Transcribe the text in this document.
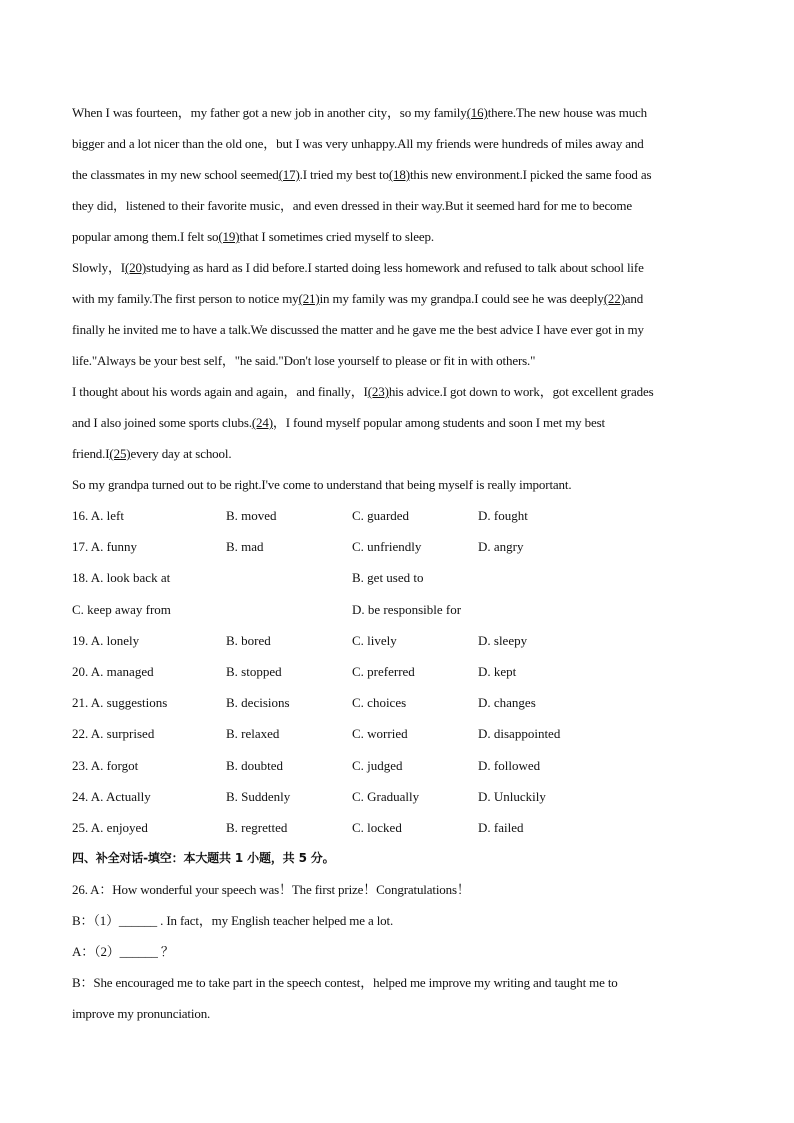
When I was fourteen，my father got a new job in another city，so my family(16)there.The new house was much
bigger and a lot nicer than the old one，but I was very unhappy.All my friends were hundreds of miles away and
the classmates in my new school seemed(17).I tried my best to(18)this new environment.I picked the same food as
they did，listened to their favorite music，and even dressed in their way.But it seemed hard for me to become
popular among them.I felt so(19)that I sometimes cried myself to sleep.
Slowly，I(20)studying as hard as I did before.I started doing less homework and refused to talk about school life
with my family.The first person to notice my(21)in my family was my grandpa.I could see he was deeply(22)and
finally he invited me to have a talk.We discussed the matter and he gave me the best advice I have ever got in my
life."Always be your best self，"he said."Don't lose yourself to please or fit in with others."
I thought about his words again and again，and finally，I(23)his advice.I got down to work，got excellent grades
and I also joined some sports clubs.(24)，I found myself popular among students and soon I met my best
friend.I(25)every day at school.
So my grandpa turned out to be right.I've come to understand that being myself is really important.
16. A. left	B. moved	C. guarded	D. fought
17. A. funny	B. mad	C. unfriendly	D. angry
18. A. look back at	B. get used to
C. keep away from	D. be responsible for
19. A. lonely	B. bored	C. lively	D. sleepy
20. A. managed	B. stopped	C. preferred	D. kept
21. A. suggestions	B. decisions	C. choices	D. changes
22. A. surprised	B. relaxed	C. worried	D. disappointed
23. A. forgot	B. doubted	C. judged	D. followed
24. A. Actually	B. Suddenly	C. Gradually	D. Unluckily
25. A. enjoyed	B. regretted	C. locked	D. failed
四、补全对话-填空：本大题共 1 小题，共 5 分。
26. A：How wonderful your speech was！The first prize！Congratulations！
B：（1）______ . In fact，my English teacher helped me a lot.
A：（2）______ ？
B：She encouraged me to take part in the speech contest，helped me improve my writing and taught me to
improve my pronunciation.
